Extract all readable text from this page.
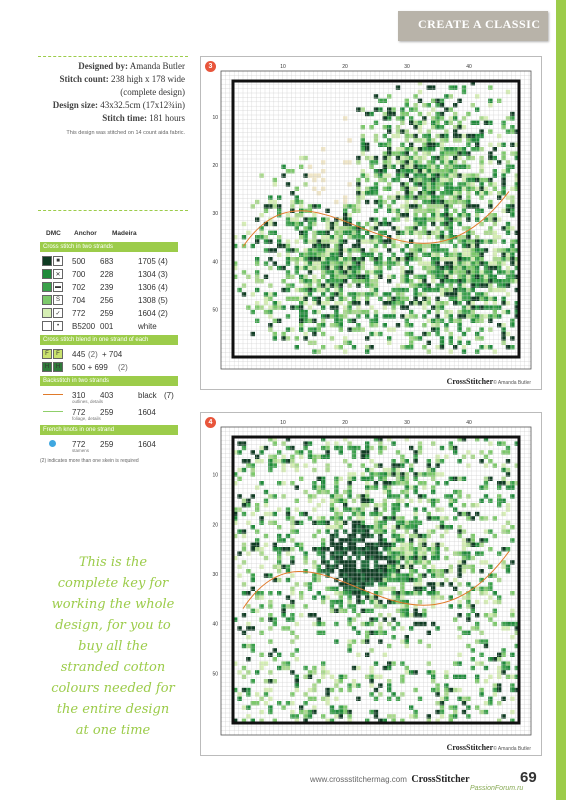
CREATE A CLASSIC
Designed by: Amanda Butler
Stitch count: 238 high x 178 wide
(complete design)
Design size: 43x32.5cm (17x12¾in)
Stitch time: 181 hours
This design was stitched on 14 count aida fabric.
DMC Anchor Madeira
Cross stitch in two strands
■	500 683	1705 (4)
✕	700 228	1304 (3)
▬ 702 239	1306 (4)
S	704 256	1308 (5)
✓	772 259	1604 (2)
•	B5200 001	white
Cross stitch blend in one strand of each
F	F	445 (2) + 704
H	H	500 + 699 (2)
Backstitch in two strands
310 403	black (7)
outlines, details
772 259	1604
foliage, details
French knots in one strand
772 259	1604
stamens
(2) indicates more than one skein is required
This is the
complete key for
working the whole
design, for you to
buy all the
stranded cotton
colours needed for
the entire design
at one time
3	10	20	30	40
10
20
30
40
50
CrossStitcher© Amanda Butler
4	10	20	30	40
10
20
30
40
50
CrossStitcher© Amanda Butler
www.crossstitchermag.com CrossStitcher	69
PassionForum.ru
